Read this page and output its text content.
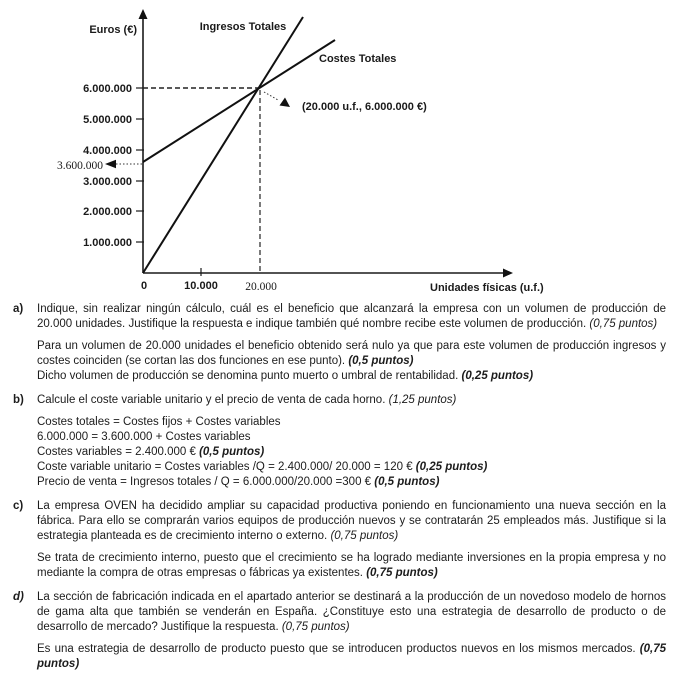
Euros (€)	Ingresos Totales
Costes Totales
(20.000 u.f., 6.000.000 €)
Unidades físicas (u.f.)
6.000.000
5.000.000
4.000.000
3.000.000
2.000.000
1.000.000
3.600.000
0	10.000 20.000
a)	Indique, sin realizar ningún cálculo, cuál es el beneficio que alcanzará la empresa con un volumen de producción de 20.000 unidades. Justifique la respuesta e indique también qué nombre recibe este volumen de producción. (0,75 puntos)
Para un volumen de 20.000 unidades el beneficio obtenido será nulo ya que para este volumen de producción ingresos y costes coinciden (se cortan las dos funciones en ese punto). (0,5 puntos)
Dicho volumen de producción se denomina punto muerto o umbral de rentabilidad. (0,25 puntos)
b)	Calcule el coste variable unitario y el precio de venta de cada horno. (1,25 puntos)
Costes totales = Costes fijos + Costes variables
6.000.000 = 3.600.000 + Costes variables
Costes variables = 2.400.000 € (0,5 puntos)
Coste variable unitario = Costes variables /Q = 2.400.000/ 20.000 = 120 € (0,25 puntos)
Precio de venta = Ingresos totales / Q = 6.000.000/20.000 =300 € (0,5 puntos)
c)	La empresa OVEN ha decidido ampliar su capacidad productiva poniendo en funcionamiento una nueva sección en la fábrica. Para ello se comprarán varios equipos de producción nuevos y se contratarán 25 empleados más. Justifique si la estrategia planteada es de crecimiento interno o externo. (0,75 puntos)
Se trata de crecimiento interno, puesto que el crecimiento se ha logrado mediante inversiones en la propia empresa y no mediante la compra de otras empresas o fábricas ya existentes. (0,75 puntos)
d)	La sección de fabricación indicada en el apartado anterior se destinará a la producción de un novedoso modelo de hornos de gama alta que también se venderán en España. ¿Constituye esto una estrategia de desarrollo de producto o de desarrollo de mercado? Justifique la respuesta. (0,75 puntos)
Es una estrategia de desarrollo de producto puesto que se introducen productos nuevos en los mismos mercados. (0,75 puntos)
